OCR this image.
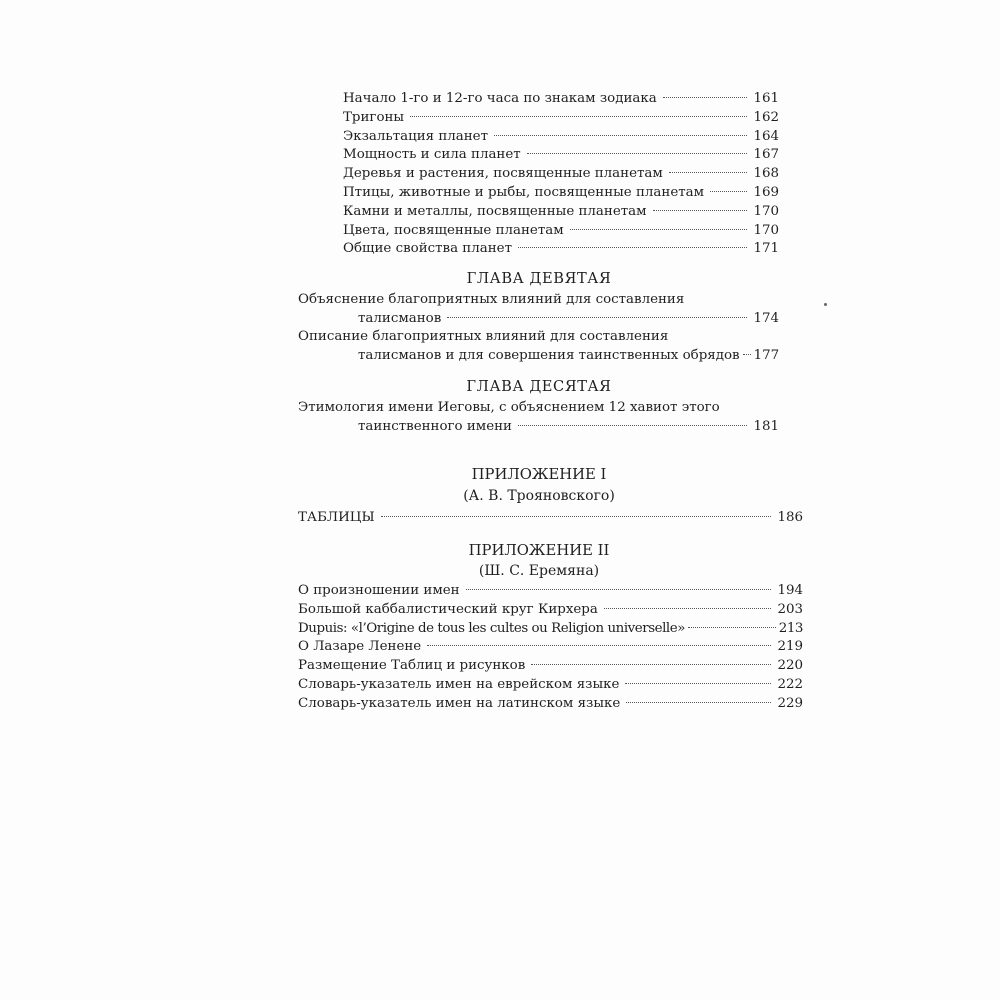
Начало 1-го и 12-го часа по знакам зодиака	161
Тригоны	162
Экзальтация планет	164
Мощность и сила планет	167
Деревья и растения, посвященные планетам	168
Птицы, животные и рыбы, посвященные планетам	169
Камни и металлы, посвященные планетам	170
Цвета, посвященные планетам	170
Общие свойства планет	171
ГЛАВА ДЕВЯТАЯ
Объяснение благоприятных влияний для составления
талисманов	174
Описание благоприятных влияний для составления
талисманов и для совершения таинственных обрядов 177
ГЛАВА ДЕСЯТАЯ
Этимология имени Иеговы, с объяснением 12 хавиот этого
таинственного имени	181
ПРИЛОЖЕНИЕ I
(А. В. Трояновского)
ТАБЛИЦЫ	186
ПРИЛОЖЕНИЕ II
(Ш. С. Еремяна)
О произношении имен	194
Большой каббалистический круг Кирхера	203
Dupuis: «l’Origine de tous les cultes ou Religion universelle»	213
О Лазаре Ленене	219
Размещение Таблиц и рисунков	220
Словарь-указатель имен на еврейском языке	222
Словарь-указатель имен на латинском языке	229
